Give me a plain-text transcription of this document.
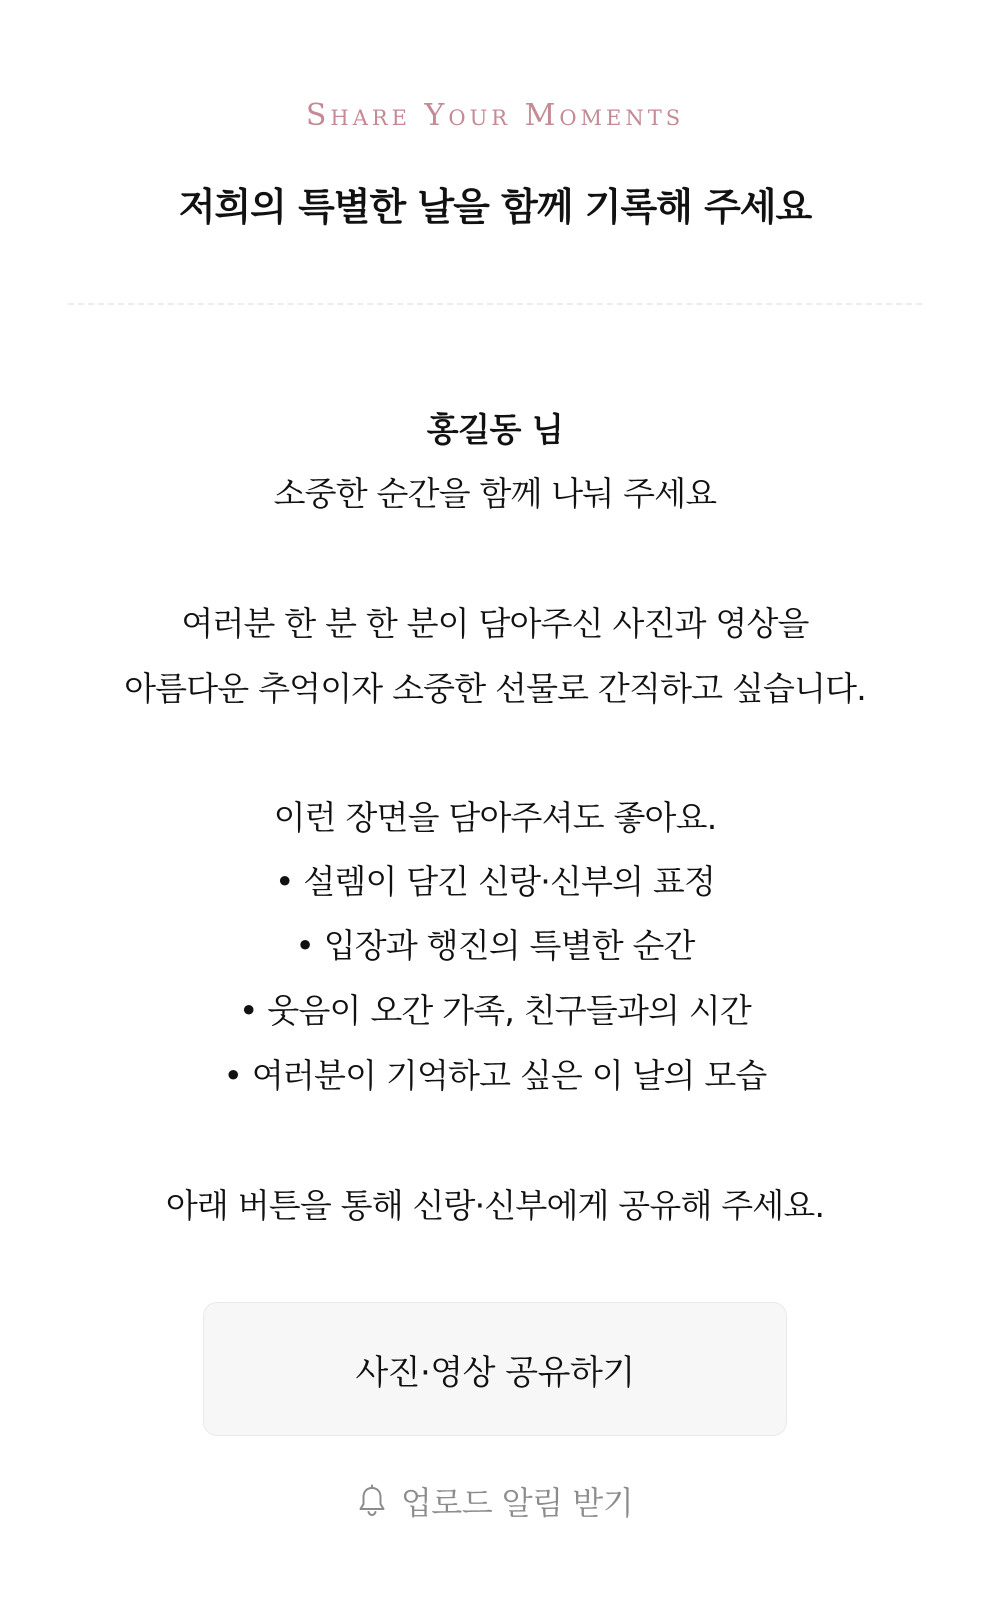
Share Your Moments
저희의 특별한 날을 함께 기록해 주세요
홍길동 님
소중한 순간을 함께 나눠 주세요
여러분 한 분 한 분이 담아주신 사진과 영상을
아름다운 추억이자 소중한 선물로 간직하고 싶습니다.
이런 장면을 담아주셔도 좋아요.
• 설렘이 담긴 신랑·신부의 표정
• 입장과 행진의 특별한 순간
• 웃음이 오간 가족, 친구들과의 시간
• 여러분이 기억하고 싶은 이 날의 모습
아래 버튼을 통해 신랑·신부에게 공유해 주세요.
사진·영상 공유하기
업로드 알림 받기
